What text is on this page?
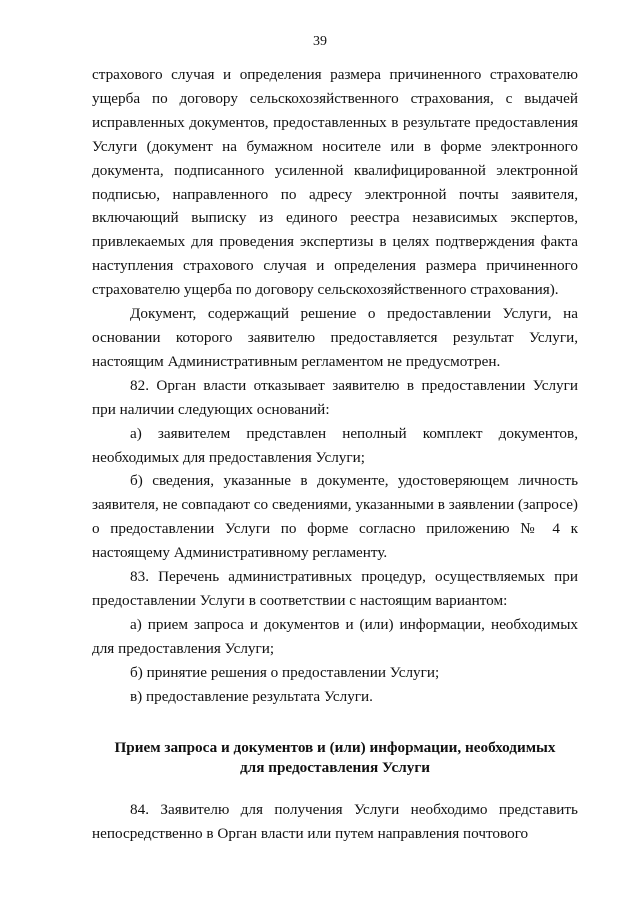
39

страхового случая и определения размера причиненного страхователю ущерба по договору сельскохозяйственного страхования, с выдачей исправленных документов, предоставленных в результате предоставления Услуги (документ на бумажном носителе или в форме электронного документа, подписанного усиленной квалифицированной электронной подписью, направленного по адресу электронной почты заявителя, включающий выписку из единого реестра независимых экспертов, привлекаемых для проведения экспертизы в целях подтверждения факта наступления страхового случая и определения размера причиненного страхователю ущерба по договору сельскохозяйственного страхования).

Документ, содержащий решение о предоставлении Услуги, на основании которого заявителю предоставляется результат Услуги, настоящим Административным регламентом не предусмотрен.

82. Орган власти отказывает заявителю в предоставлении Услуги при наличии следующих оснований:

а) заявителем представлен неполный комплект документов, необходимых для предоставления Услуги;

б) сведения, указанные в документе, удостоверяющем личность заявителя, не совпадают со сведениями, указанными в заявлении (запросе) о предоставлении Услуги по форме согласно приложению № 4 к настоящему Административному регламенту.

83. Перечень административных процедур, осуществляемых при предоставлении Услуги в соответствии с настоящим вариантом:

а) прием запроса и документов и (или) информации, необходимых для предоставления Услуги;

б) принятие решения о предоставлении Услуги;

в) предоставление результата Услуги.

Прием запроса и документов и (или) информации, необходимых
для предоставления Услуги

84. Заявителю для получения Услуги необходимо представить непосредственно в Орган власти или путем направления почтового
